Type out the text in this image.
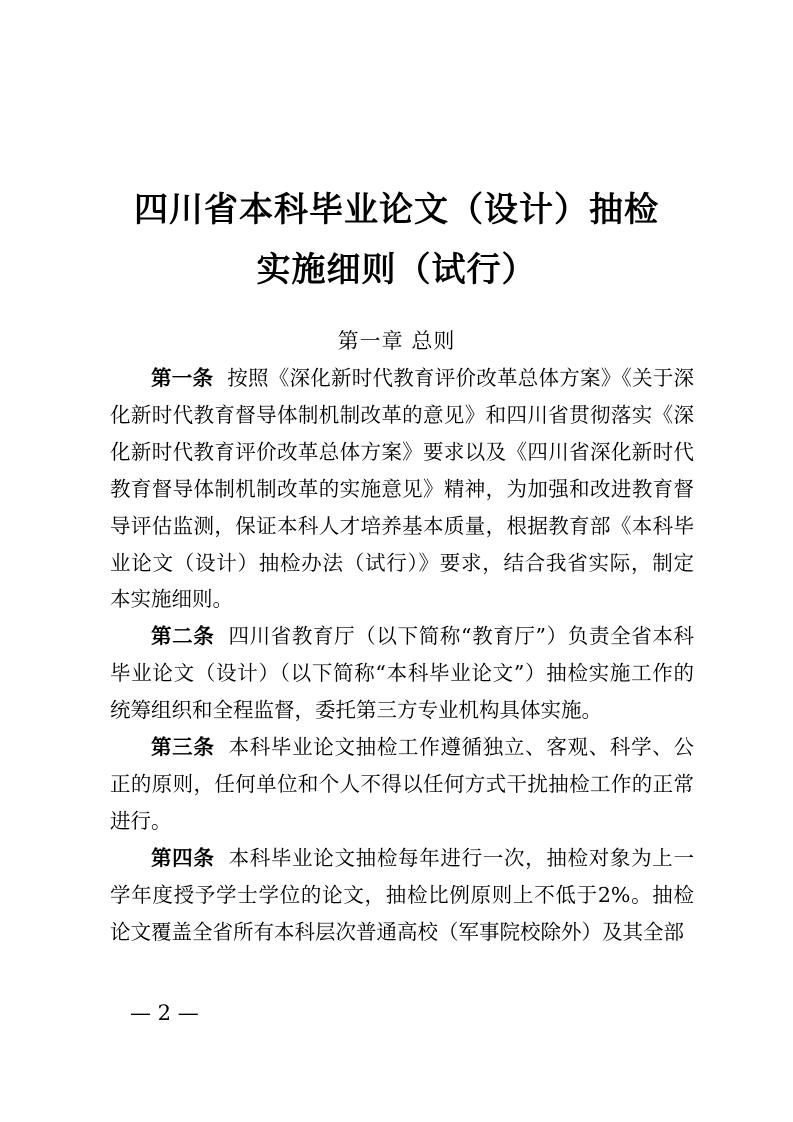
四川省本科毕业论文（设计）抽检
实施细则（试行）
第一章 总则

第一条 按照《深化新时代教育评价改革总体方案》《关于深化新时代教育督导体制机制改革的意见》和四川省贯彻落实《深化新时代教育评价改革总体方案》要求以及《四川省深化新时代教育督导体制机制改革的实施意见》精神，为加强和改进教育督导评估监测，保证本科人才培养基本质量，根据教育部《本科毕业论文（设计）抽检办法（试行）》要求，结合我省实际，制定本实施细则。

第二条 四川省教育厅（以下简称“教育厅”）负责全省本科毕业论文（设计）（以下简称“本科毕业论文”）抽检实施工作的统筹组织和全程监督，委托第三方专业机构具体实施。

第三条 本科毕业论文抽检工作遵循独立、客观、科学、公正的原则，任何单位和个人不得以任何方式干扰抽检工作的正常进行。

第四条 本科毕业论文抽检每年进行一次，抽检对象为上一学年度授予学士学位的论文，抽检比例原则上不低于2%。抽检论文覆盖全省所有本科层次普通高校（军事院校除外）及其全部

— 2 —
